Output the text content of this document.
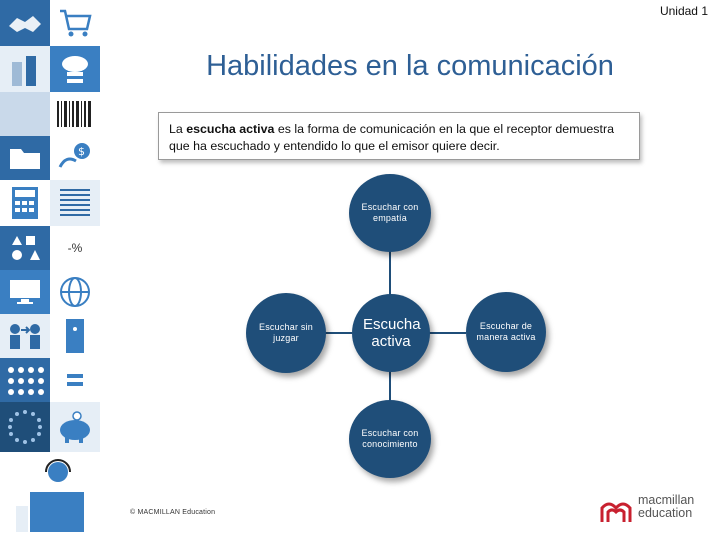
$
-%
Unidad 1
Habilidades en la comunicación
La escucha activa es la forma de comunicación en la que el receptor demuestra que ha escuchado y entendido lo que el emisor quiere decir.
Escuchar con empatía
Escuchar sin juzgar
Escucha activa
Escuchar de manera activa
Escuchar con conocimiento
© MACMILLAN Education
macmillan
education
